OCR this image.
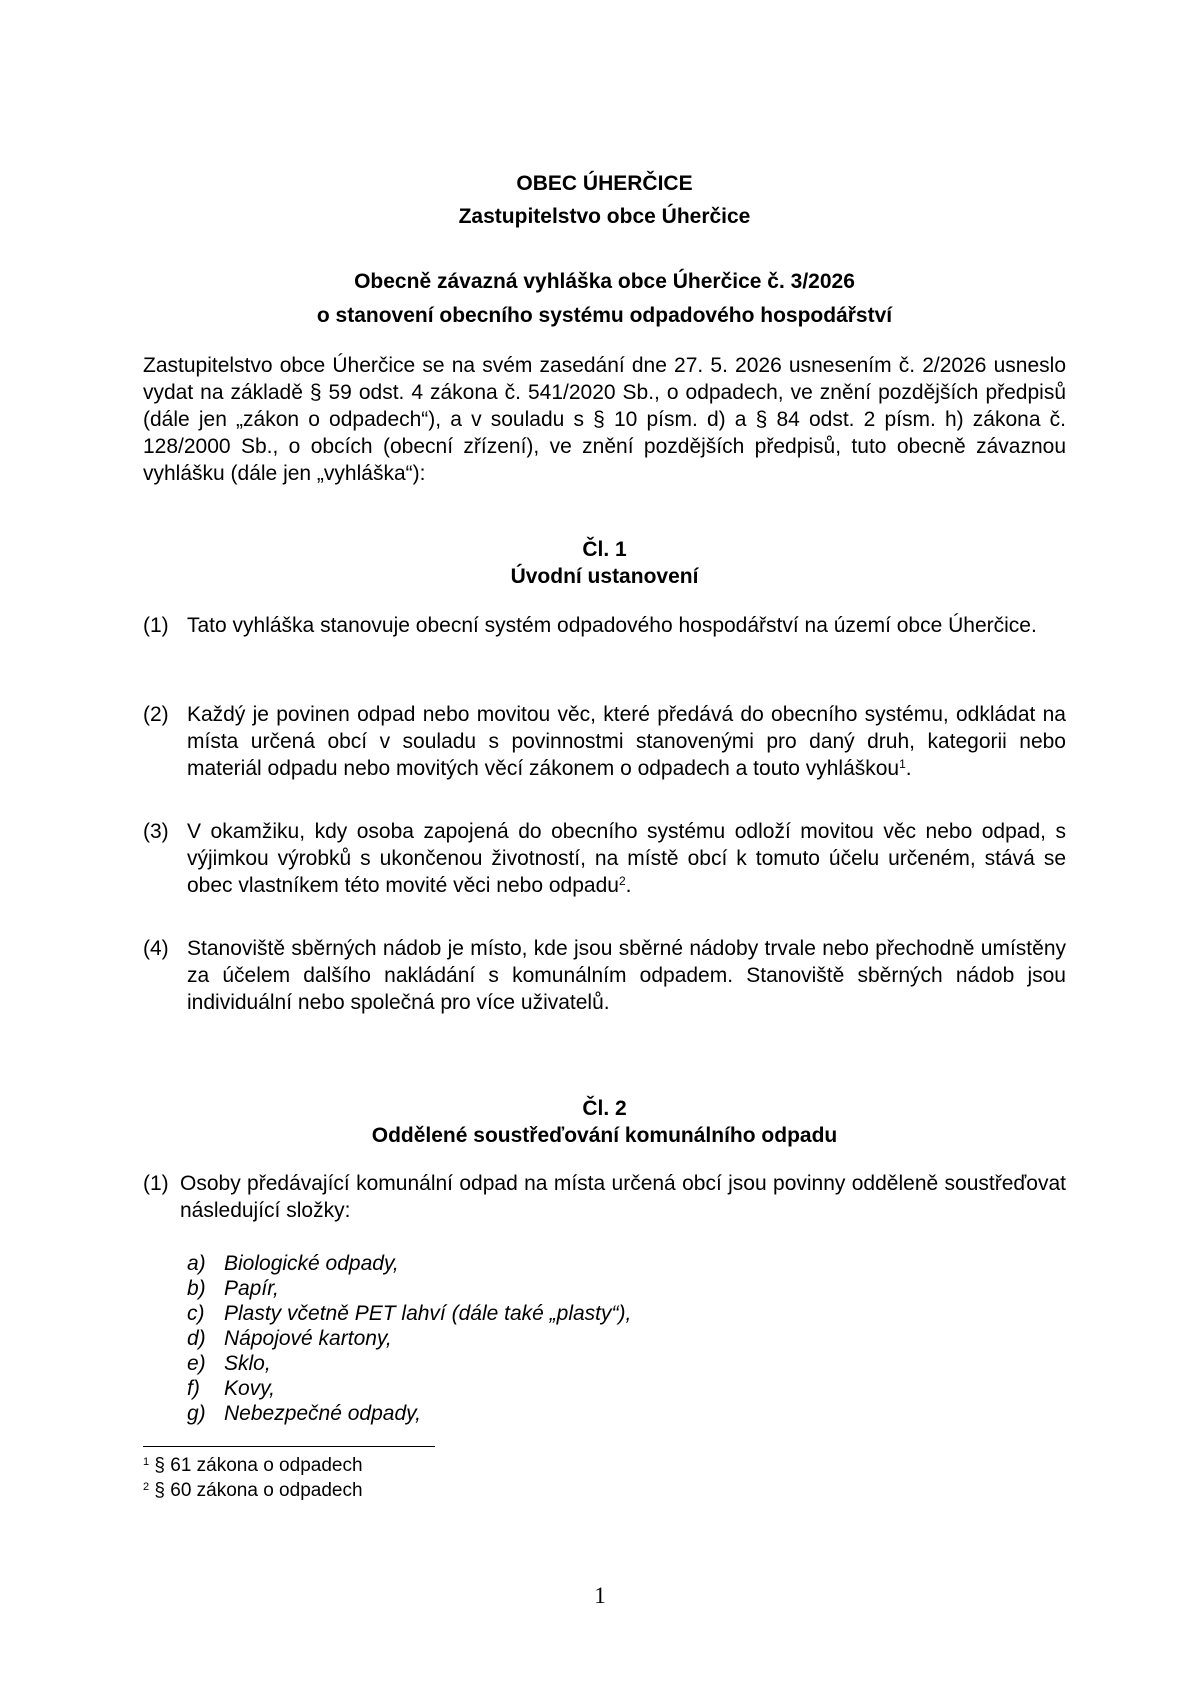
OBEC ÚHERČICE
Zastupitelstvo obce Úherčice
Obecně závazná vyhláška obce Úherčice č. 3/2026
o stanovení obecního systému odpadového hospodářství
Zastupitelstvo obce Úherčice se na svém zasedání dne 27. 5. 2026 usnesením č. 2/2026 usneslo vydat na základě § 59 odst. 4 zákona č. 541/2020 Sb., o odpadech, ve znění pozdějších předpisů (dále jen „zákon o odpadech“), a v souladu s § 10 písm. d) a § 84 odst. 2 písm. h) zákona č. 128/2000 Sb., o obcích (obecní zřízení), ve znění pozdějších předpisů, tuto obecně závaznou vyhlášku (dále jen „vyhláška“):
Čl. 1
Úvodní ustanovení
(1) Tato vyhláška stanovuje obecní systém odpadového hospodářství na území obce Úherčice.
(2) Každý je povinen odpad nebo movitou věc, které předává do obecního systému, odkládat na místa určená obcí v souladu s povinnostmi stanovenými pro daný druh, kategorii nebo materiál odpadu nebo movitých věcí zákonem o odpadech a touto vyhláškou$^1$.
(3) V okamžiku, kdy osoba zapojená do obecního systému odloží movitou věc nebo odpad, s výjimkou výrobků s ukončenou životností, na místě obcí k tomuto účelu určeném, stává se obec vlastníkem této movité věci nebo odpadu$^2$.
(4) Stanoviště sběrných nádob je místo, kde jsou sběrné nádoby trvale nebo přechodně umístěny za účelem dalšího nakládání s komunálním odpadem. Stanoviště sběrných nádob jsou individuální nebo společná pro více uživatelů.
Čl. 2
Oddělené soustřeďování komunálního odpadu
(1) Osoby předávající komunální odpad na místa určená obcí jsou povinny odděleně soustřeďovat následující složky:
a) Biologické odpady,
b) Papír,
c) Plasty včetně PET lahví (dále také „plasty“),
d) Nápojové kartony,
e) Sklo,
f)	Kovy,
g) Nebezpečné odpady,
$^1$ § 61 zákona o odpadech
$^2$ § 60 zákona o odpadech
1
